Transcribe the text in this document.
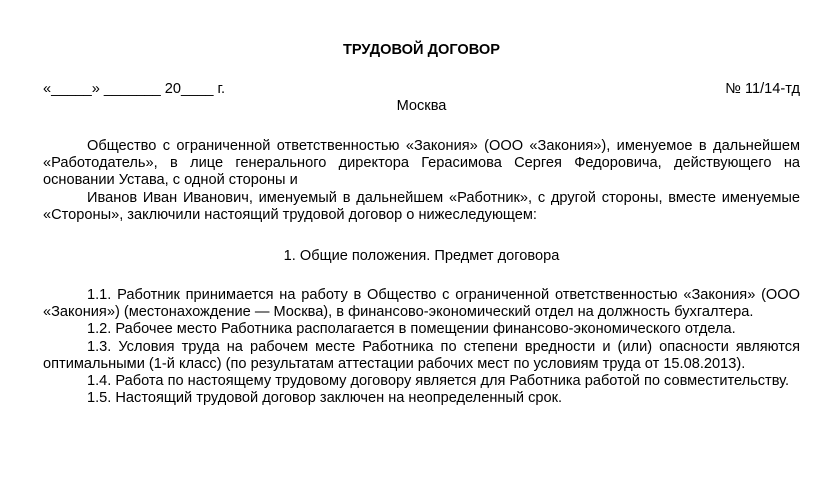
ТРУДОВОЙ ДОГОВОР
«_____» _______ 20____ г.	№ 11/14-тд
Москва

Общество с ограниченной ответственностью «Закония» (ООО «Закония»), именуемое в дальнейшем «Работодатель», в лице генерального директора Герасимова Сергея Федоровича, действующего на основании Устава, с одной стороны и

Иванов Иван Иванович, именуемый в дальнейшем «Работник», с другой стороны, вместе именуемые «Стороны», заключили настоящий трудовой договор о нижеследующем:

1. Общие положения. Предмет договора

1.1. Работник принимается на работу в Общество с ограниченной ответственностью «Закония» (ООО «Закония») (местонахождение — Москва), в финансово-экономический отдел на должность бухгалтера.

1.2. Рабочее место Работника располагается в помещении финансово-экономического отдела.

1.3. Условия труда на рабочем месте Работника по степени вредности и (или) опасности являются оптимальными (1-й класс) (по результатам аттестации рабочих мест по условиям труда от 15.08.2013).

1.4. Работа по настоящему трудовому договору является для Работника работой по совместительству.

1.5. Настоящий трудовой договор заключен на неопределенный срок.
